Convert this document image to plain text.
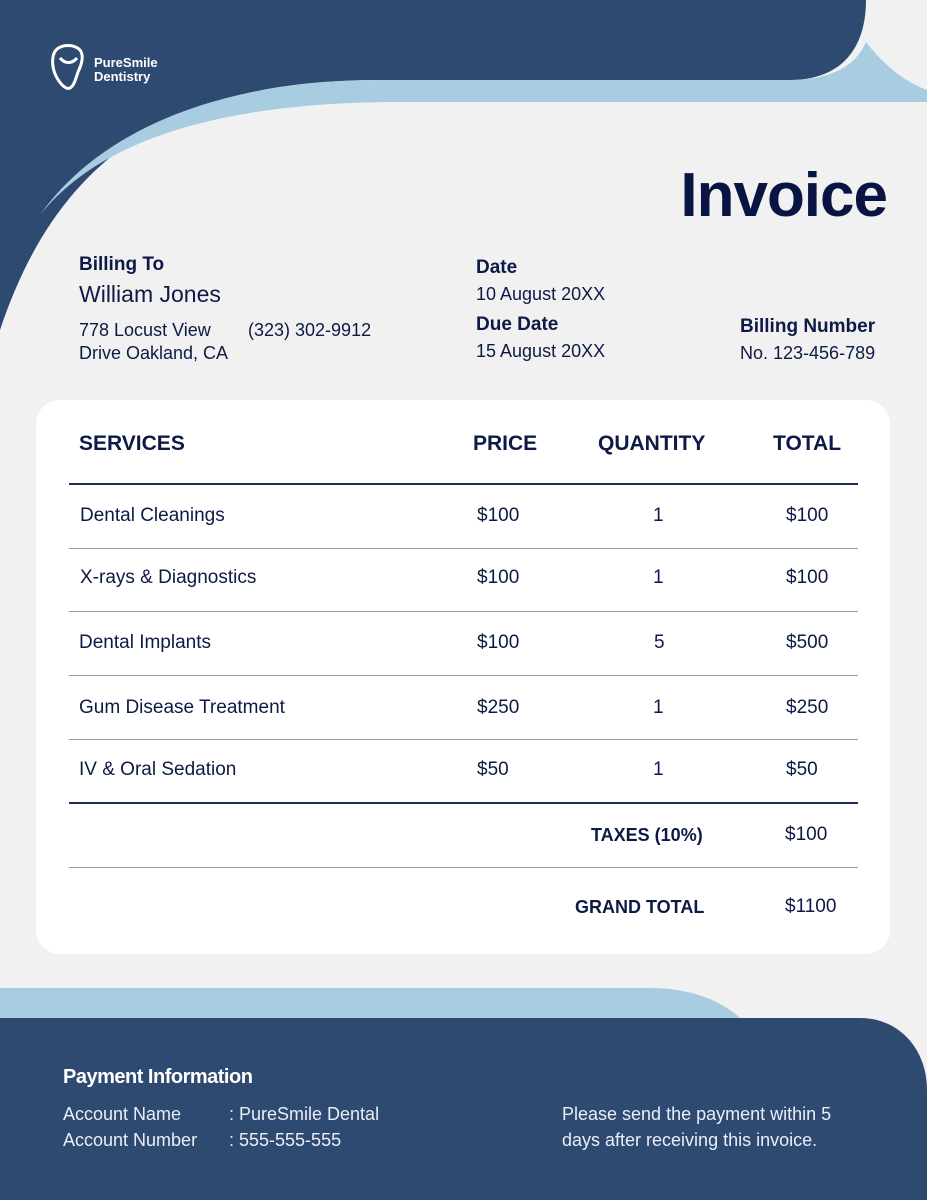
PureSmile
Dentistry
Invoice
Billing To
William Jones
778 Locust View
Drive Oakland, CA
(323) 302-9912
Date
10 August 20XX
Due Date
15 August 20XX
Billing Number
No. 123-456-789
SERVICES	PRICE	QUANTITY	TOTAL
Dental Cleanings	$100	1	$100
X-rays & Diagnostics	$100	1	$100
Dental Implants	$100	5	$500
Gum Disease Treatment	$250	1	$250
IV & Oral Sedation	$50	1	$50
TAXES (10%)	$100
GRAND TOTAL	$1100
Payment Information
Account Name	: PureSmile Dental
Account Number : 555-555-555
Please send the payment within 5
days after receiving this invoice.
